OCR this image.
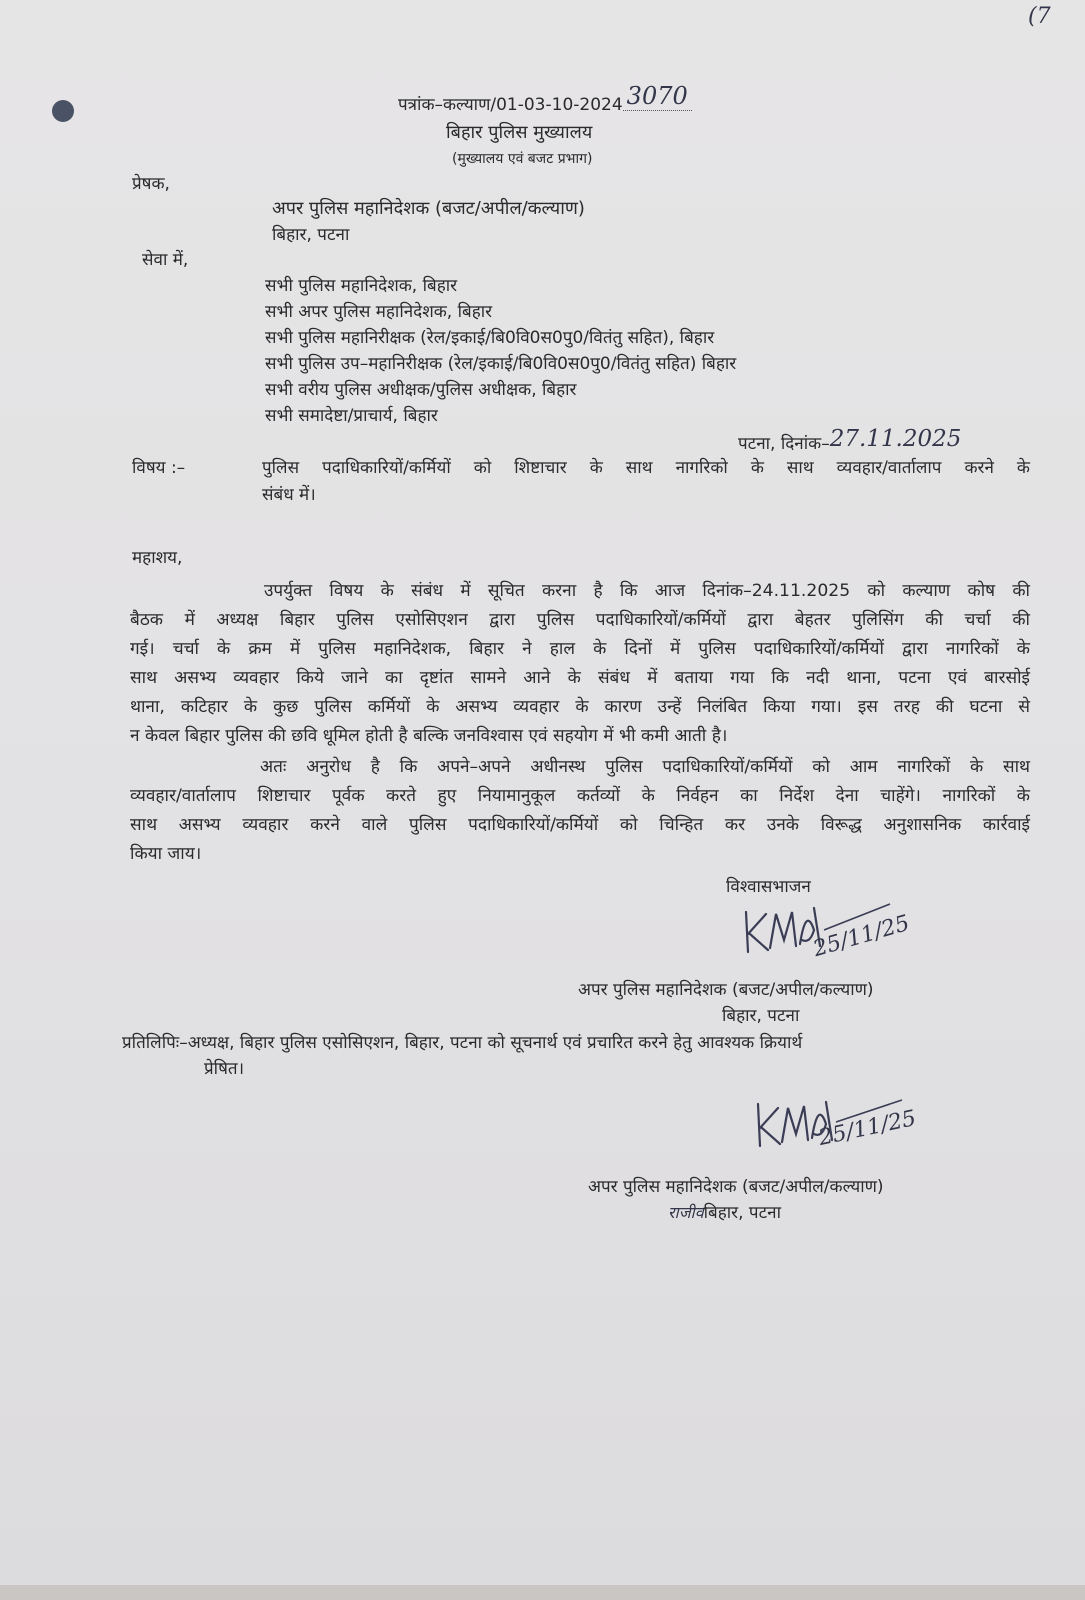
(7
पत्रांक–कल्याण/01-03-10-2024 3070
बिहार पुलिस मुख्यालय
(मुख्यालय एवं बजट प्रभाग)
प्रेषक,
अपर पुलिस महानिदेशक (बजट/अपील/कल्याण)
बिहार, पटना
सेवा में,
सभी पुलिस महानिदेशक, बिहार
सभी अपर पुलिस महानिदेशक, बिहार
सभी पुलिस महानिरीक्षक (रेल/इकाई/बि0वि0स0पु0/वितंतु सहित), बिहार
सभी पुलिस उप–महानिरीक्षक (रेल/इकाई/बि0वि0स0पु0/वितंतु सहित) बिहार
सभी वरीय पुलिस अधीक्षक/पुलिस अधीक्षक, बिहार
सभी समादेष्टा/प्राचार्य, बिहार
पटना, दिनांक–27.11.2025
विषय :–	पुलिस पदाधिकारियों/कर्मियों को शिष्टाचार के साथ नागरिको के साथ व्यवहार/वार्तालाप करने के
संबंध में।
महाशय,
उपर्युक्त विषय के संबंध में सूचित करना है कि आज दिनांक–24.11.2025 को कल्याण कोष की
बैठक में अध्यक्ष बिहार पुलिस एसोसिएशन द्वारा पुलिस पदाधिकारियों/कर्मियों द्वारा बेहतर पुलिसिंग की चर्चा की
गई। चर्चा के क्रम में पुलिस महानिदेशक, बिहार ने हाल के दिनों में पुलिस पदाधिकारियों/कर्मियों द्वारा नागरिकों के
साथ असभ्य व्यवहार किये जाने का दृष्टांत सामने आने के संबंध में बताया गया कि नदी थाना, पटना एवं बारसोई
थाना, कटिहार के कुछ पुलिस कर्मियों के असभ्य व्यवहार के कारण उन्हें निलंबित किया गया। इस तरह की घटना से
न केवल बिहार पुलिस की छवि धूमिल होती है बल्कि जनविश्वास एवं सहयोग में भी कमी आती है।
अतः अनुरोध है कि अपने–अपने अधीनस्थ पुलिस पदाधिकारियों/कर्मियों को आम नागरिकों के साथ
व्यवहार/वार्तालाप शिष्टाचार पूर्वक करते हुए नियामानुकूल कर्तव्यों के निर्वहन का निर्देश देना चाहेंगे। नागरिकों के
साथ असभ्य व्यवहार करने वाले पुलिस पदाधिकारियों/कर्मियों को चिन्हित कर उनके विरूद्ध अनुशासनिक कार्रवाई
किया जाय।
विश्वासभाजन
25/11/25
अपर पुलिस महानिदेशक (बजट/अपील/कल्याण)
बिहार, पटना
प्रतिलिपिः–अध्यक्ष, बिहार पुलिस एसोसिएशन, बिहार, पटना को सूचनार्थ एवं प्रचारित करने हेतु आवश्यक क्रियार्थ
प्रेषित।
25/11/25
अपर पुलिस महानिदेशक (बजट/अपील/कल्याण)
राजीवबिहार, पटना
